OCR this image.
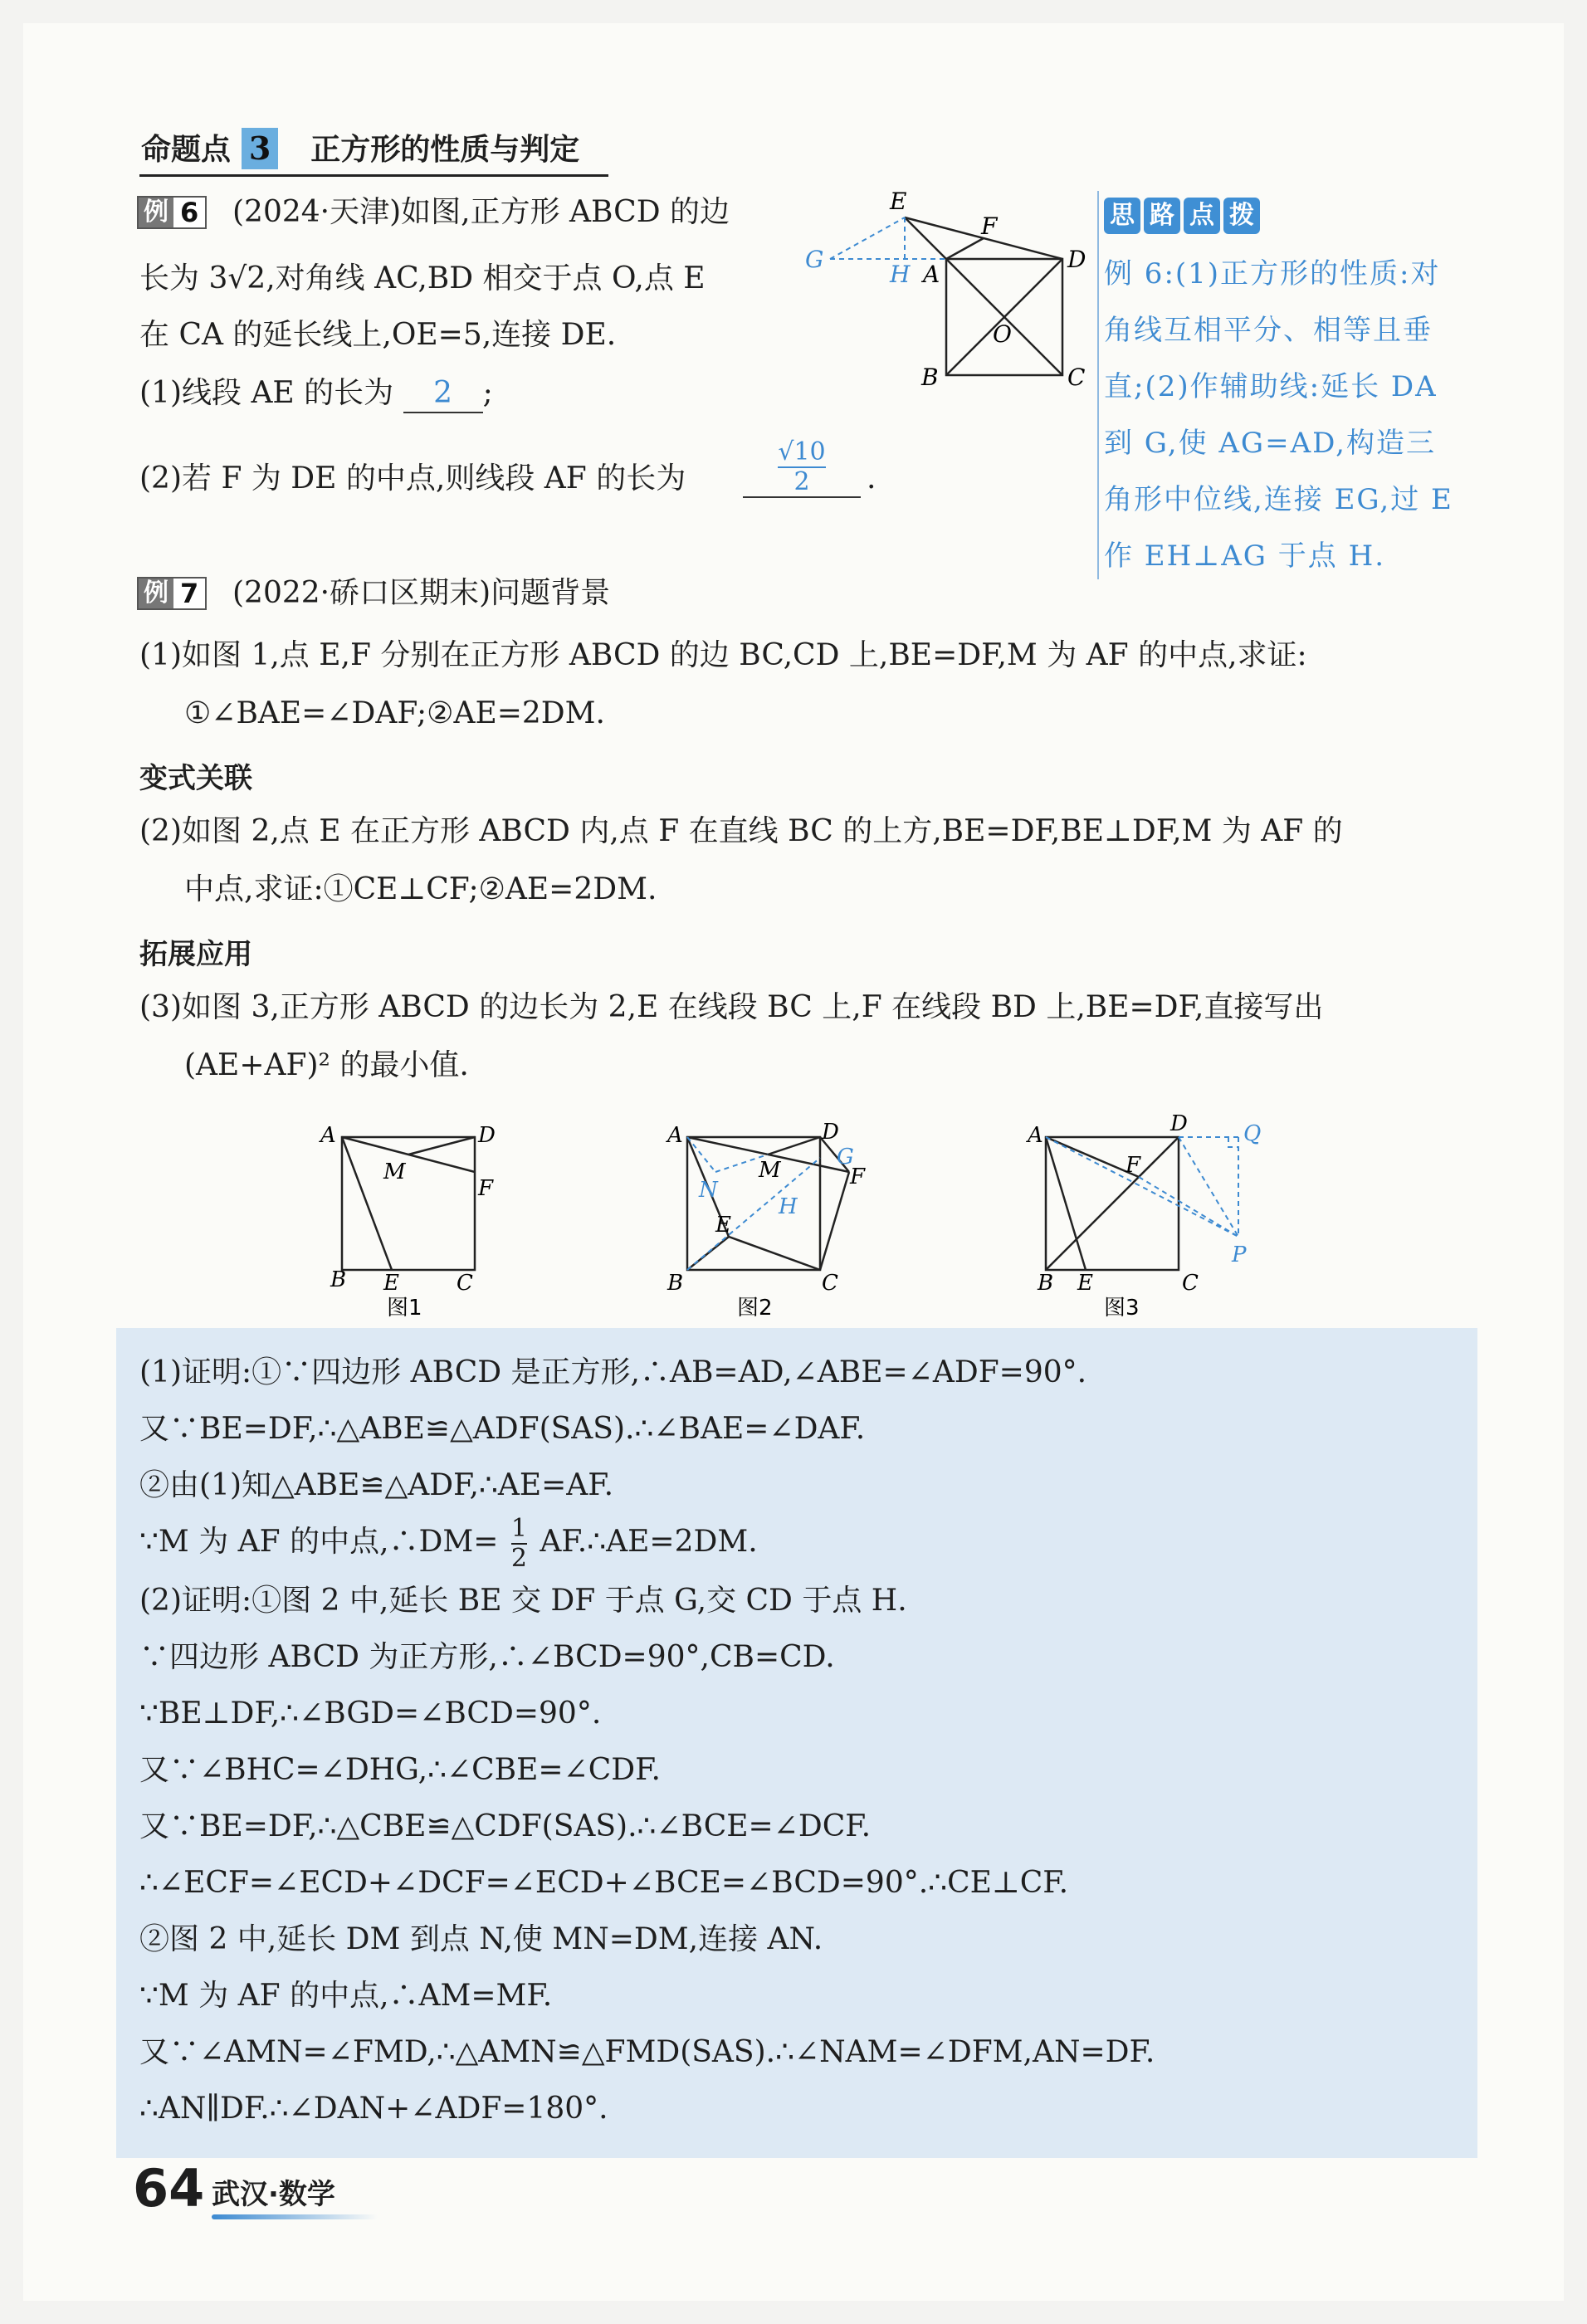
命题点 3 正方形的性质与判定
例 6 (2024·天津)如图,正方形 ABCD 的边
长为 3√2,对角线 AC,BD 相交于点 O,点 E
在 CA 的延长线上,OE=5,连接 DE.
(1)线段 AE 的长为 2 ;
(2)若 F 为 DE 的中点,则线段 AF 的长为	$\frac{√10}{2}$ .
E
F
G
H A
D
O
B	C
思 路 点 拨
例 6:(1)正方形的性质:对
角线互相平分、相等且垂
直;(2)作辅助线:延长 DA
到 G,使 AG=AD,构造三
角形中位线,连接 EG,过 E
作 EH⊥AG 于点 H.
例 7 (2022·硚口区期末)问题背景
(1)如图 1,点 E,F 分别在正方形 ABCD 的边 BC,CD 上,BE=DF,M 为 AF 的中点,求证:
①∠BAE=∠DAF;②AE=2DM.
变式关联
(2)如图 2,点 E 在正方形 ABCD 内,点 F 在直线 BC 的上方,BE=DF,BE⊥DF,M 为 AF 的
中点,求证:①CE⊥CF;②AE=2DM.
拓展应用
(3)如图 3,正方形 ABCD 的边长为 2,E 在线段 BC 上,F 在线段 BD 上,BE=DF,直接写出
(AE+AF)² 的最小值.
A	D
M
F
B E	C
图1
A	D
G
F
N
M
H
E
B	C
图2
A	D	Q
F
P
B E	C
图3
(1)证明:①∵四边形 ABCD 是正方形,∴AB=AD,∠ABE=∠ADF=90°.
又∵BE=DF,∴△ABE≌△ADF(SAS).∴∠BAE=∠DAF.
②由(1)知△ABE≌△ADF,∴AE=AF.
∵M 为 AF 的中点,∴DM= $\frac{1}{2}$ AF.∴AE=2DM.
(2)证明:①图 2 中,延长 BE 交 DF 于点 G,交 CD 于点 H.
∵四边形 ABCD 为正方形,∴∠BCD=90°,CB=CD.
∵BE⊥DF,∴∠BGD=∠BCD=90°.
又∵∠BHC=∠DHG,∴∠CBE=∠CDF.
又∵BE=DF,∴△CBE≌△CDF(SAS).∴∠BCE=∠DCF.
∴∠ECF=∠ECD+∠DCF=∠ECD+∠BCE=∠BCD=90°.∴CE⊥CF.
②图 2 中,延长 DM 到点 N,使 MN=DM,连接 AN.
∵M 为 AF 的中点,∴AM=MF.
又∵∠AMN=∠FMD,∴△AMN≌△FMD(SAS).∴∠NAM=∠DFM,AN=DF.
∴AN∥DF.∴∠DAN+∠ADF=180°.
64 武汉·数学
